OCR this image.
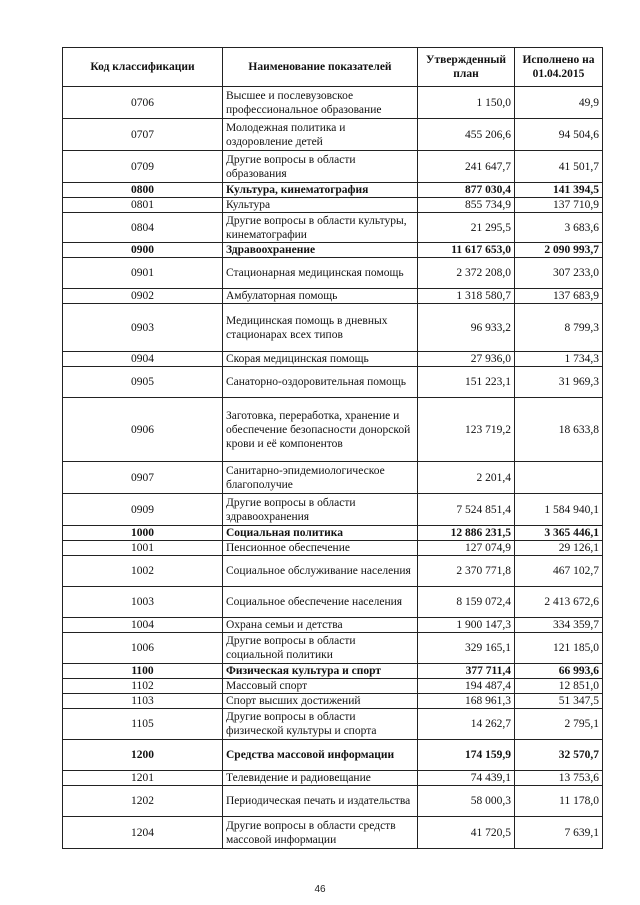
Код классификации	Наименование показателей	Утвержденный план	Исполнено на 01.04.2015
0706	Высшее и послевузовское профессиональное образование	1 150,0	49,9
0707	Молодежная политика и оздоровление детей	455 206,6	94 504,6
0709	Другие вопросы в области образования	241 647,7	41 501,7
0800	Культура, кинематография	877 030,4	141 394,5
0801	Культура	855 734,9	137 710,9
0804	Другие вопросы в области культуры, кинематографии	21 295,5	3 683,6
0900	Здравоохранение	11 617 653,0	2 090 993,7
0901	Стационарная медицинская помощь	2 372 208,0	307 233,0
0902	Амбулаторная помощь	1 318 580,7	137 683,9
0903	Медицинская помощь в дневных стационарах всех типов	96 933,2	8 799,3
0904	Скорая медицинская помощь	27 936,0	1 734,3
0905	Санаторно-оздоровительная помощь	151 223,1	31 969,3
0906	Заготовка, переработка, хранение и обеспечение безопасности донорской крови и её компонентов	123 719,2	18 633,8
0907	Санитарно-эпидемиологическое благополучие	2 201,4	
0909	Другие вопросы в области здравоохранения	7 524 851,4	1 584 940,1
1000	Социальная политика	12 886 231,5	3 365 446,1
1001	Пенсионное обеспечение	127 074,9	29 126,1
1002	Социальное обслуживание населения	2 370 771,8	467 102,7
1003	Социальное обеспечение населения	8 159 072,4	2 413 672,6
1004	Охрана семьи и детства	1 900 147,3	334 359,7
1006	Другие вопросы в области социальной политики	329 165,1	121 185,0
1100	Физическая культура и спорт	377 711,4	66 993,6
1102	Массовый спорт	194 487,4	12 851,0
1103	Спорт высших достижений	168 961,3	51 347,5
1105	Другие вопросы в области физической культуры и спорта	14 262,7	2 795,1
1200	Средства массовой информации	174 159,9	32 570,7
1201	Телевидение и радиовещание	74 439,1	13 753,6
1202	Периодическая печать и издательства	58 000,3	11 178,0
1204	Другие вопросы в области средств массовой информации	41 720,5	7 639,1
46
